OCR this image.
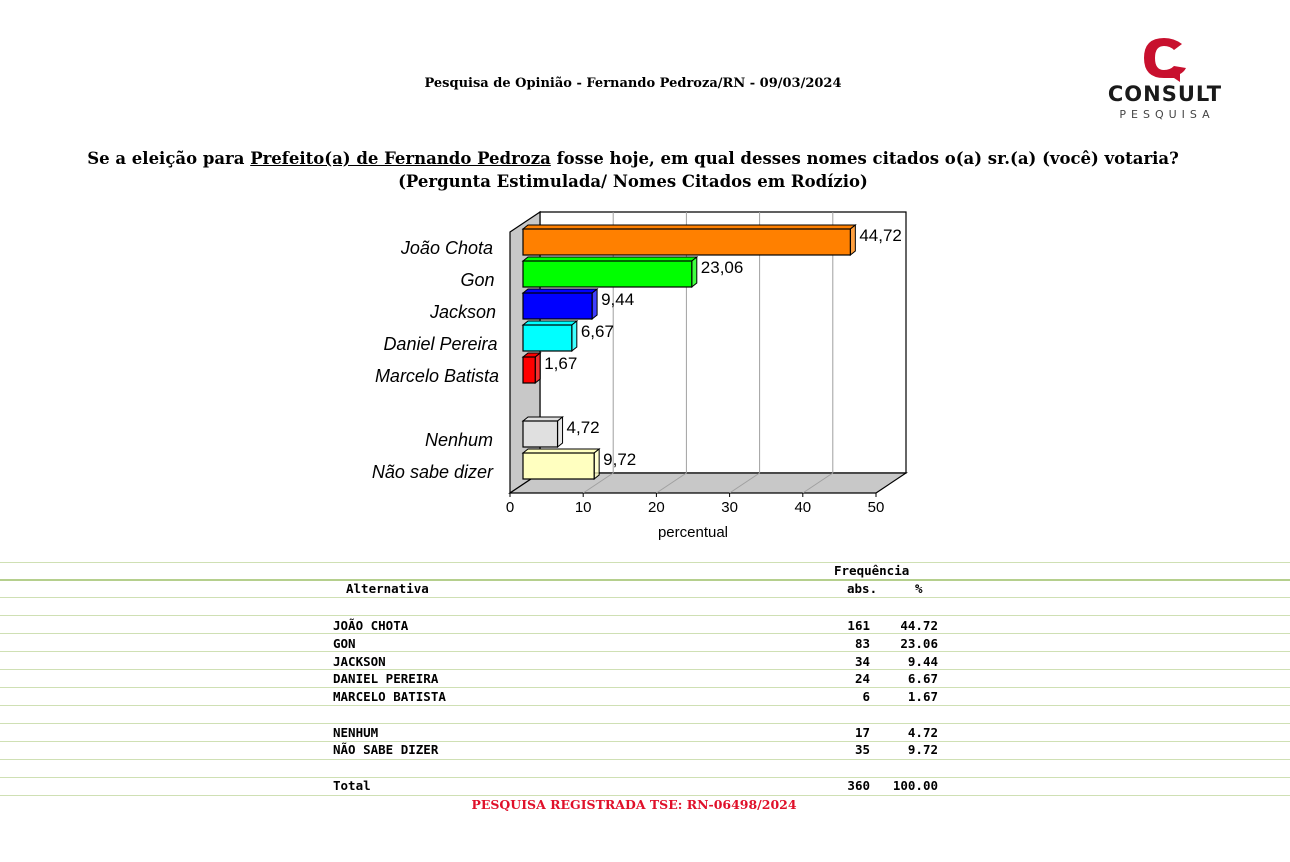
Pesquisa de Opinião - Fernando Pedroza/RN - 09/03/2024	CONSULT
PESQUISA
Se a eleição para Prefeito(a) de Fernando Pedroza fosse hoje, em qual desses nomes citados o(a) sr.(a) (você) votaria?
(Pergunta Estimulada/ Nomes Citados em Rodízio)
0	10	20	30	40	50
percentual
44,72
João Chota
23,06
Gon
9,44
Jackson
6,67
Daniel Pereira
1,67
Marcelo Batista
4,72
Nenhum
9,72
Não sabe dizer
Frequência
Alternativa	abs.	%
JOÃO CHOTA	161	44.72
GON	83	23.06
JACKSON	34	9.44
DANIEL PEREIRA	24	6.67
MARCELO BATISTA	6	1.67
NENHUM	17	4.72
NÃO SABE DIZER	35	9.72
Total	360	100.00
PESQUISA REGISTRADA TSE: RN-06498/2024
